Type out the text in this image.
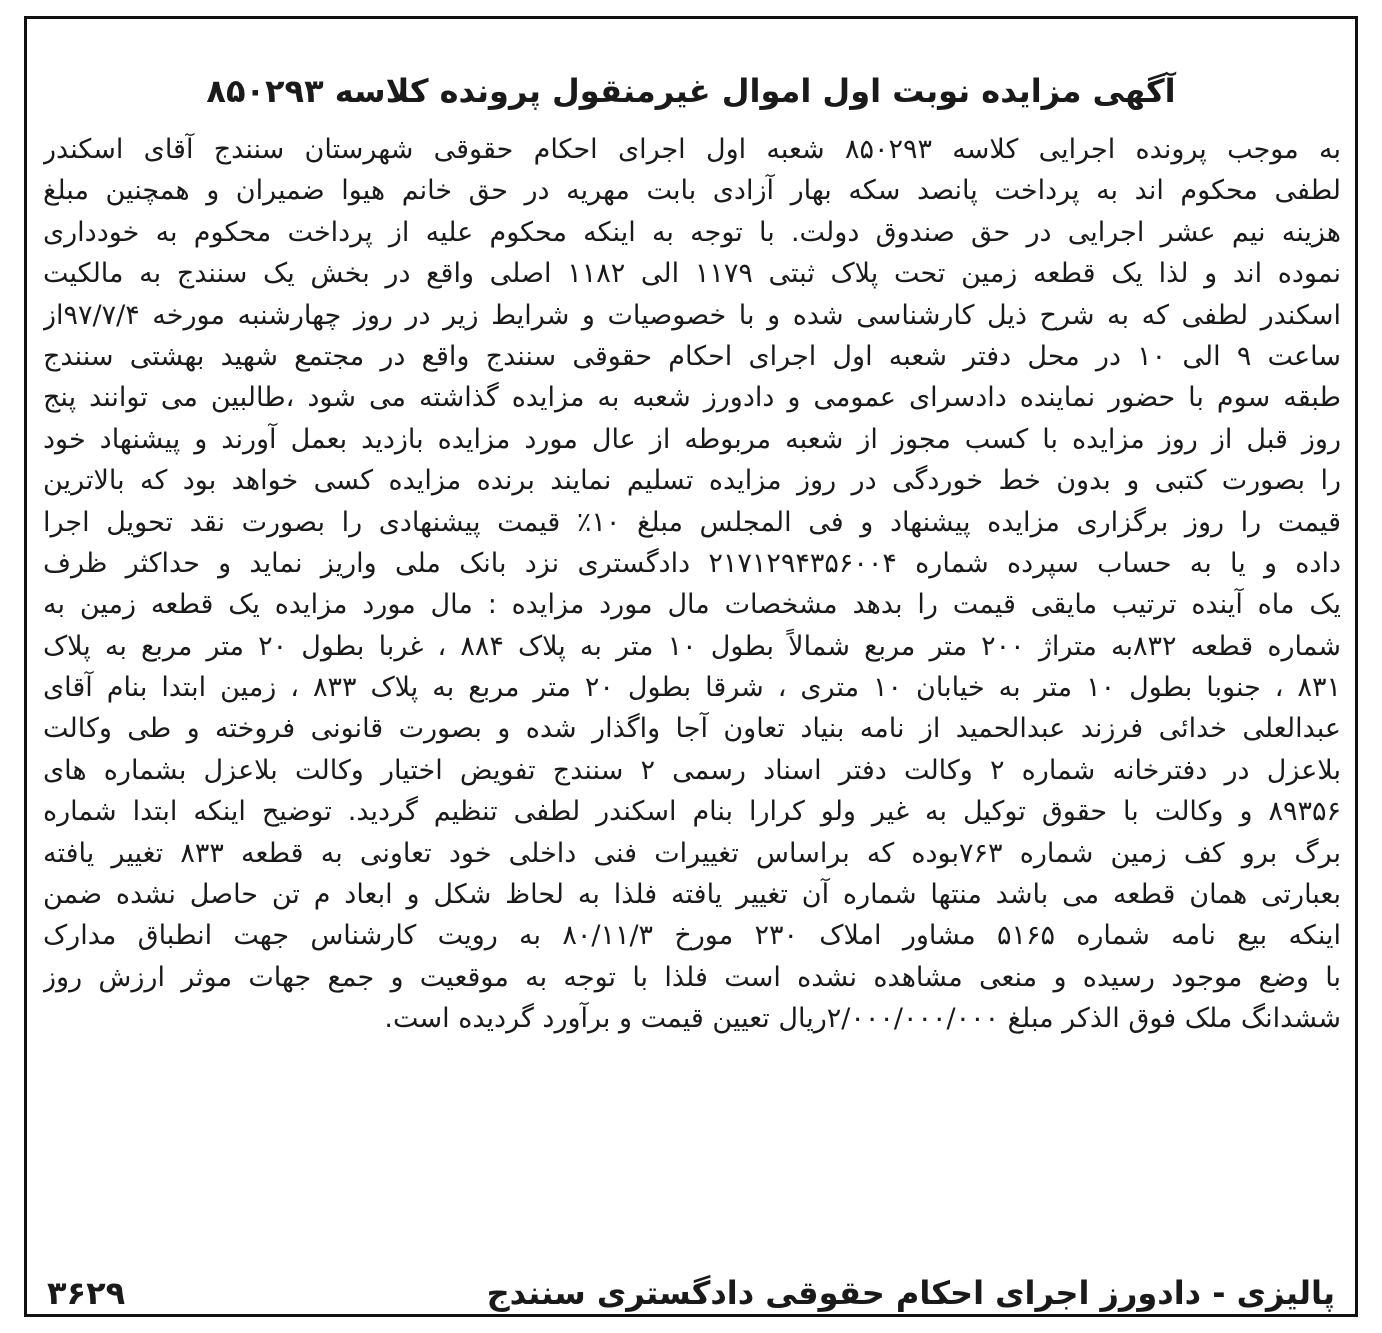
آگهی مزایده نوبت اول اموال غیرمنقول پرونده کلاسه ۸۵۰۲۹۳
به موجب پرونده اجرایی کلاسه ۸۵۰۲۹۳ شعبه اول اجرای احکام حقوقی شهرستان سنندج آقای اسکندر
لطفی محکوم اند به پرداخت پانصد سکه بهار آزادی بابت مهریه در حق خانم هیوا ضمیران و همچنین مبلغ
هزینه نیم عشر اجرایی در حق صندوق دولت. با توجه به اینکه محکوم علیه از پرداخت محکوم به خودداری
نموده اند و لذا یک قطعه زمین تحت پلاک ثبتی ۱۱۷۹ الی ۱۱۸۲ اصلی واقع در بخش یک سنندج به مالکیت
اسکندر لطفی که به شرح ذیل کارشناسی شده و با خصوصیات و شرایط زیر در روز چهارشنبه مورخه ۹۷/۷/۴از
ساعت ۹ الی ۱۰ در محل دفتر شعبه اول اجرای احکام حقوقی سنندج واقع در مجتمع شهید بهشتی سنندج
طبقه سوم با حضور نماینده دادسرای عمومی و دادورز شعبه به مزایده گذاشته می شود ،طالبین می توانند پنج
روز قبل از روز مزایده با کسب مجوز از شعبه مربوطه از عال مورد مزایده بازدید بعمل آورند و پیشنهاد خود
را بصورت کتبی و بدون خط خوردگی در روز مزایده تسلیم نمایند برنده مزایده کسی خواهد بود که بالاترین
قیمت را روز برگزاری مزایده پیشنهاد و فی المجلس مبلغ ۱۰٪ قیمت پیشنهادی را بصورت نقد تحویل اجرا
داده و یا به حساب سپرده شماره ۲۱۷۱۲۹۴۳۵۶۰۰۴ دادگستری نزد بانک ملی واریز نماید و حداکثر ظرف
یک ماه آینده ترتیب مایقی قیمت را بدهد مشخصات مال مورد مزایده : مال مورد مزایده یک قطعه زمین به
شماره قطعه ۸۳۲به متراژ ۲۰۰ متر مربع شمالاً بطول ۱۰ متر به پلاک ۸۸۴ ، غربا بطول ۲۰ متر مربع به پلاک
۸۳۱ ، جنوبا بطول ۱۰ متر به خیابان ۱۰ متری ، شرقا بطول ۲۰ متر مربع به پلاک ۸۳۳ ، زمین ابتدا بنام آقای
عبدالعلی خدائی فرزند عبدالحمید از نامه بنیاد تعاون آجا واگذار شده و بصورت قانونی فروخته و طی وکالت
بلاعزل در دفترخانه شماره ۲ وکالت دفتر اسناد رسمی ۲ سنندج تفویض اختیار وکالت بلاعزل بشماره های
۸۹۳۵۶ و وکالت با حقوق توکیل به غیر ولو کرارا بنام اسکندر لطفی تنظیم گردید. توضیح اینکه ابتدا شماره
برگ برو کف زمین شماره ۷۶۳بوده که براساس تغییرات فنی داخلی خود تعاونی به قطعه ۸۳۳ تغییر یافته
بعبارتی همان قطعه می باشد منتها شماره آن تغییر یافته فلذا به لحاظ شکل و ابعاد م تن حاصل نشده ضمن
اینکه بیع نامه شماره ۵۱۶۵ مشاور املاک ۲۳۰ مورخ ۸۰/۱۱/۳ به رویت کارشناس جهت انطباق مدارک
با وضع موجود رسیده و منعی مشاهده نشده است فلذا با توجه به موقعیت و جمع جهات موثر ارزش روز
ششدانگ ملک فوق الذکر مبلغ ۲/۰۰۰/۰۰۰/۰۰۰ریال تعیین قیمت و برآورد گردیده است.
پالیزی - دادورز اجرای احکام حقوقی دادگستری سنندج
۳۶۲۹
